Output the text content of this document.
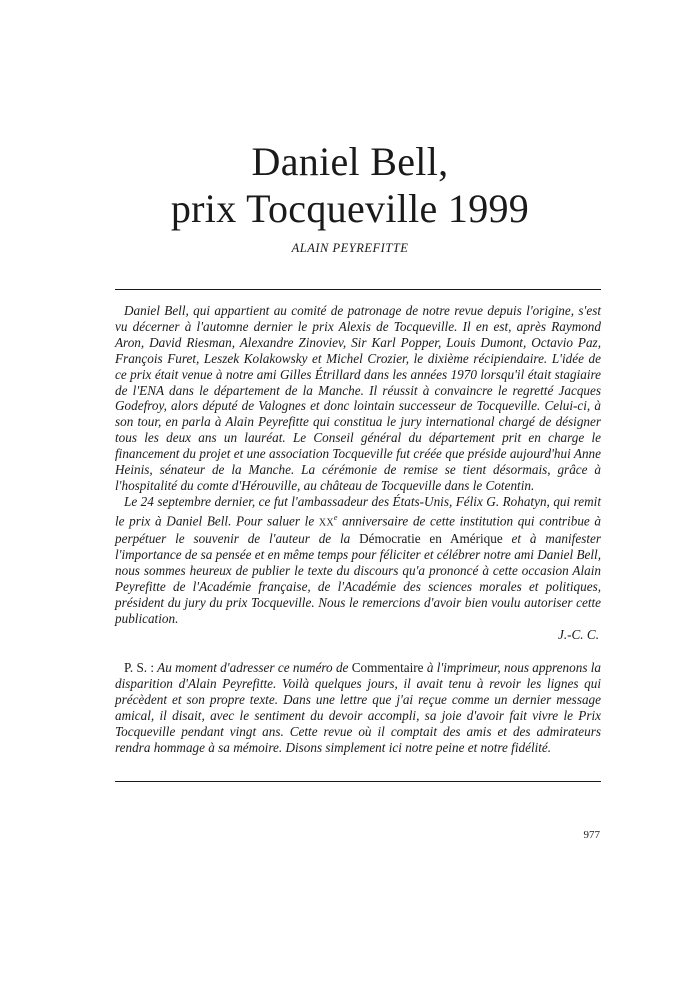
Daniel Bell,
prix Tocqueville 1999
ALAIN PEYREFITTE

Daniel Bell, qui appartient au comité de patronage de notre revue depuis l'origine, s'est vu décerner à l'automne dernier le prix Alexis de Tocqueville. Il en est, après Raymond Aron, David Riesman, Alexandre Zinoviev, Sir Karl Popper, Louis Dumont, Octavio Paz, François Furet, Leszek Kolakowsky et Michel Crozier, le dixième récipiendaire. L'idée de ce prix était venue à notre ami Gilles Étrillard dans les années 1970 lorsqu'il était stagiaire de l'ENA dans le département de la Manche. Il réussit à convaincre le regretté Jacques Godefroy, alors député de Valognes et donc lointain successeur de Tocqueville. Celui-ci, à son tour, en parla à Alain Peyrefitte qui constitua le jury international chargé de désigner tous les deux ans un lauréat. Le Conseil général du département prit en charge le financement du projet et une association Tocqueville fut créée que préside aujourd'hui Anne Heinis, sénateur de la Manche. La cérémonie de remise se tient désormais, grâce à l'hospitalité du comte d'Hérouville, au château de Tocqueville dans le Cotentin.

Le 24 septembre dernier, ce fut l'ambassadeur des États-Unis, Félix G. Rohatyn, qui remit le prix à Daniel Bell. Pour saluer le XXe anniversaire de cette institution qui contribue à perpétuer le souvenir de l'auteur de la Démocratie en Amérique et à manifester l'importance de sa pensée et en même temps pour féliciter et célébrer notre ami Daniel Bell, nous sommes heureux de publier le texte du discours qu'a prononcé à cette occasion Alain Peyrefitte de l'Académie française, de l'Académie des sciences morales et politiques, président du jury du prix Tocqueville. Nous le remercions d'avoir bien voulu autoriser cette publication.

J.-C. C.
P. S. : Au moment d'adresser ce numéro de Commentaire à l'imprimeur, nous apprenons la disparition d'Alain Peyrefitte. Voilà quelques jours, il avait tenu à revoir les lignes qui précèdent et son propre texte. Dans une lettre que j'ai reçue comme un dernier message amical, il disait, avec le sentiment du devoir accompli, sa joie d'avoir fait vivre le Prix Tocqueville pendant vingt ans. Cette revue où il comptait des amis et des admirateurs rendra hommage à sa mémoire. Disons simplement ici notre peine et notre fidélité.
977
